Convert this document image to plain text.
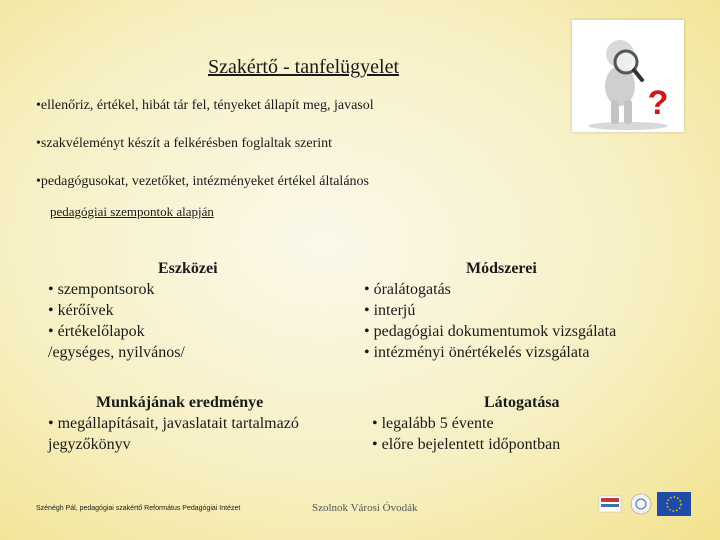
Szakértő - tanfelügyelet
•ellenőriz, értékel, hibát tár fel, tényeket állapít meg, javasol
•szakvéleményt készít a felkérésben foglaltak szerint
•pedagógusokat, vezetőket, intézményeket értékel általános
pedagógiai szempontok alapján
Eszközei
• szempontsorok
• kérőívek
• értékelőlapok
/egységes, nyilvános/
Módszerei
• óralátogatás
• interjú
• pedagógiai dokumentumok vizsgálata
• intézményi önértékelés vizsgálata
Munkájának eredménye
• megállapításait, javaslatait tartalmazó
jegyzőkönyv
Látogatása
• legalább 5 évente
• előre bejelentett időpontban
Szénégh Pál, pedagógiai szakértő Református Pedagógiai Intézet	Szolnok Városi Óvodák
?
